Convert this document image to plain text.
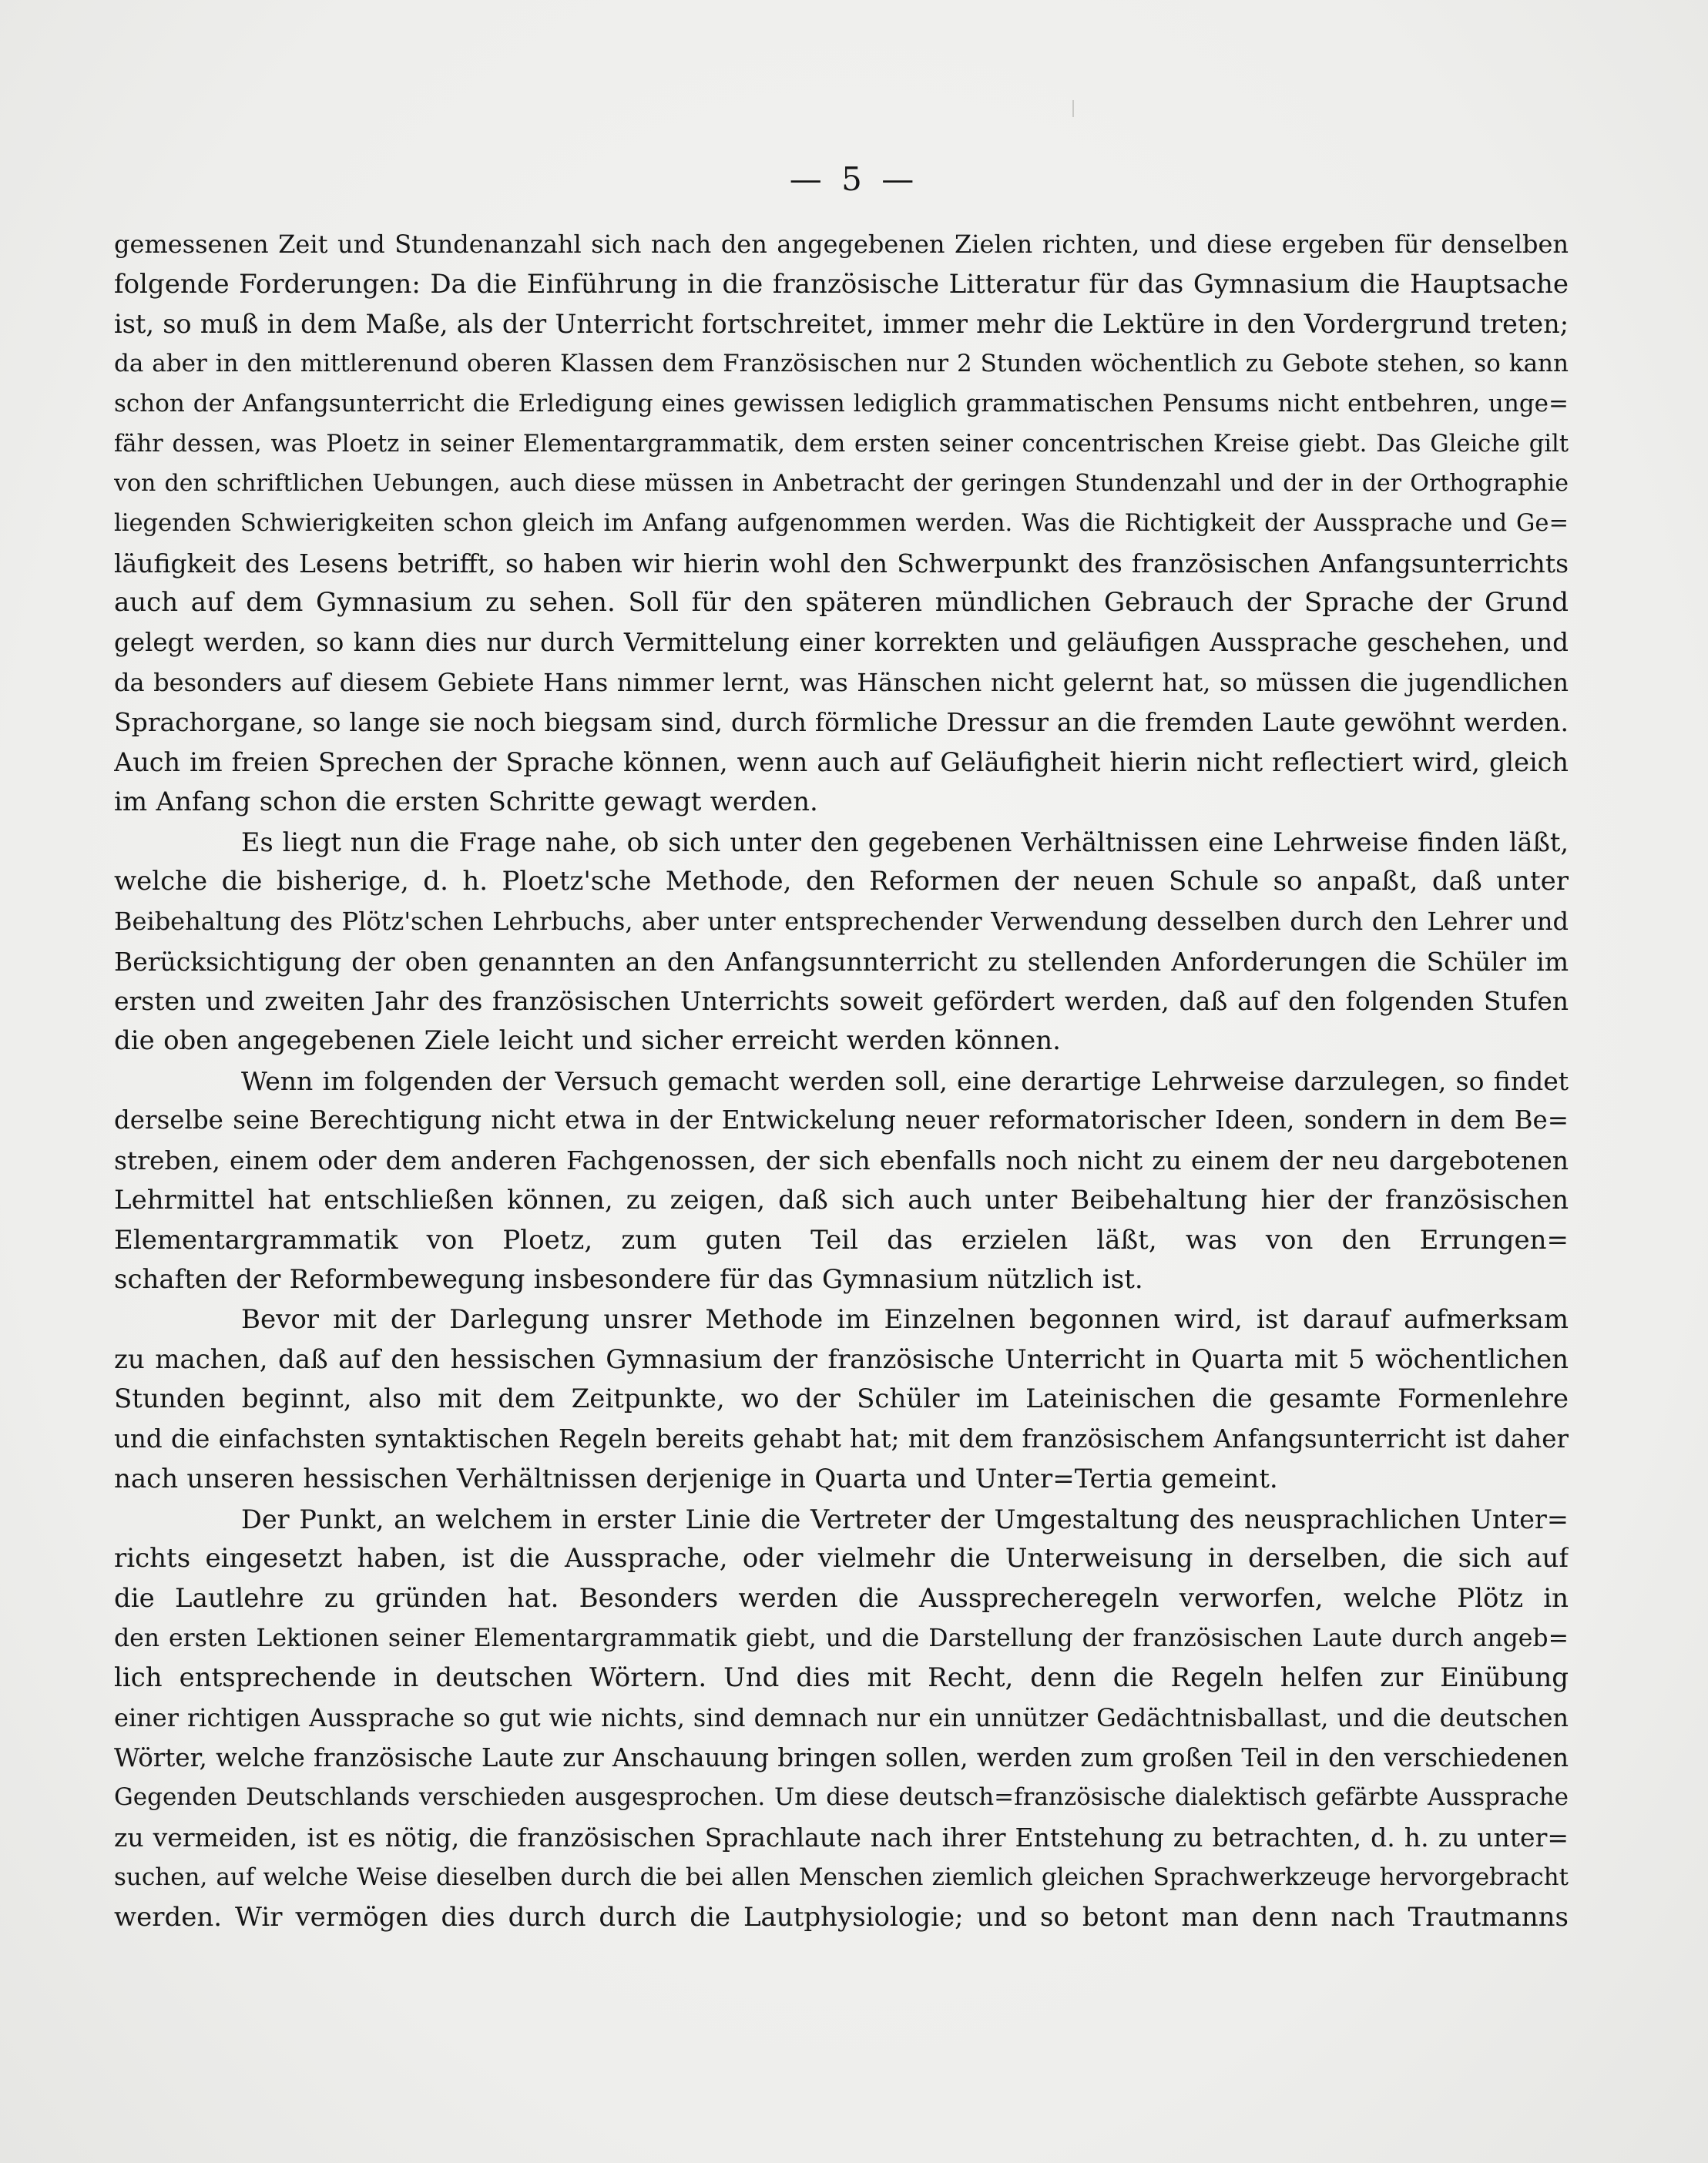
— 5 —

gemessenen Zeit und Stundenanzahl sich nach den angegebenen Zielen richten, und diese ergeben für denselben
folgende Forderungen: Da die Einführung in die französische Litteratur für das Gymnasium die Hauptsache
ist, so muß in dem Maße, als der Unterricht fortschreitet, immer mehr die Lektüre in den Vordergrund treten;
da aber in den mittlerenund oberen Klassen dem Französischen nur 2 Stunden wöchentlich zu Gebote stehen, so kann
schon der Anfangsunterricht die Erledigung eines gewissen lediglich grammatischen Pensums nicht entbehren, unge=
fähr dessen, was Ploetz in seiner Elementargrammatik, dem ersten seiner concentrischen Kreise giebt. Das Gleiche gilt
von den schriftlichen Uebungen, auch diese müssen in Anbetracht der geringen Stundenzahl und der in der Orthographie
liegenden Schwierigkeiten schon gleich im Anfang aufgenommen werden. Was die Richtigkeit der Aussprache und Ge=
läufigkeit des Lesens betrifft, so haben wir hierin wohl den Schwerpunkt des französischen Anfangsunterrichts
auch auf dem Gymnasium zu sehen. Soll für den späteren mündlichen Gebrauch der Sprache der Grund
gelegt werden, so kann dies nur durch Vermittelung einer korrekten und geläufigen Aussprache geschehen, und
da besonders auf diesem Gebiete Hans nimmer lernt, was Hänschen nicht gelernt hat, so müssen die jugendlichen
Sprachorgane, so lange sie noch biegsam sind, durch förmliche Dressur an die fremden Laute gewöhnt werden.
Auch im freien Sprechen der Sprache können, wenn auch auf Geläufigheit hierin nicht reflectiert wird, gleich
im Anfang schon die ersten Schritte gewagt werden.

Es liegt nun die Frage nahe, ob sich unter den gegebenen Verhältnissen eine Lehrweise finden läßt,
welche die bisherige, d. h. Ploetz'sche Methode, den Reformen der neuen Schule so anpaßt, daß unter
Beibehaltung des Plötz'schen Lehrbuchs, aber unter entsprechender Verwendung desselben durch den Lehrer und
Berücksichtigung der oben genannten an den Anfangsunnterricht zu stellenden Anforderungen die Schüler im
ersten und zweiten Jahr des französischen Unterrichts soweit gefördert werden, daß auf den folgenden Stufen
die oben angegebenen Ziele leicht und sicher erreicht werden können.

Wenn im folgenden der Versuch gemacht werden soll, eine derartige Lehrweise darzulegen, so findet
derselbe seine Berechtigung nicht etwa in der Entwickelung neuer reformatorischer Ideen, sondern in dem Be=
streben, einem oder dem anderen Fachgenossen, der sich ebenfalls noch nicht zu einem der neu dargebotenen
Lehrmittel hat entschließen können, zu zeigen, daß sich auch unter Beibehaltung hier der französischen
Elementargrammatik von Ploetz, zum guten Teil das erzielen läßt, was von den Errungen=
schaften der Reformbewegung insbesondere für das Gymnasium nützlich ist.

Bevor mit der Darlegung unsrer Methode im Einzelnen begonnen wird, ist darauf aufmerksam
zu machen, daß auf den hessischen Gymnasium der französische Unterricht in Quarta mit 5 wöchentlichen
Stunden beginnt, also mit dem Zeitpunkte, wo der Schüler im Lateinischen die gesamte Formenlehre
und die einfachsten syntaktischen Regeln bereits gehabt hat; mit dem französischem Anfangsunterricht ist daher
nach unseren hessischen Verhältnissen derjenige in Quarta und Unter=Tertia gemeint.

Der Punkt, an welchem in erster Linie die Vertreter der Umgestaltung des neusprachlichen Unter=
richts eingesetzt haben, ist die Aussprache, oder vielmehr die Unterweisung in derselben, die sich auf
die Lautlehre zu gründen hat. Besonders werden die Aussprecheregeln verworfen, welche Plötz in
den ersten Lektionen seiner Elementargrammatik giebt, und die Darstellung der französischen Laute durch angeb=
lich entsprechende in deutschen Wörtern. Und dies mit Recht, denn die Regeln helfen zur Einübung
einer richtigen Aussprache so gut wie nichts, sind demnach nur ein unnützer Gedächtnisballast, und die deutschen
Wörter, welche französische Laute zur Anschauung bringen sollen, werden zum großen Teil in den verschiedenen
Gegenden Deutschlands verschieden ausgesprochen. Um diese deutsch=französische dialektisch gefärbte Aussprache
zu vermeiden, ist es nötig, die französischen Sprachlaute nach ihrer Entstehung zu betrachten, d. h. zu unter=
suchen, auf welche Weise dieselben durch die bei allen Menschen ziemlich gleichen Sprachwerkzeuge hervorgebracht
werden. Wir vermögen dies durch durch die Lautphysiologie; und so betont man denn nach Trautmanns
